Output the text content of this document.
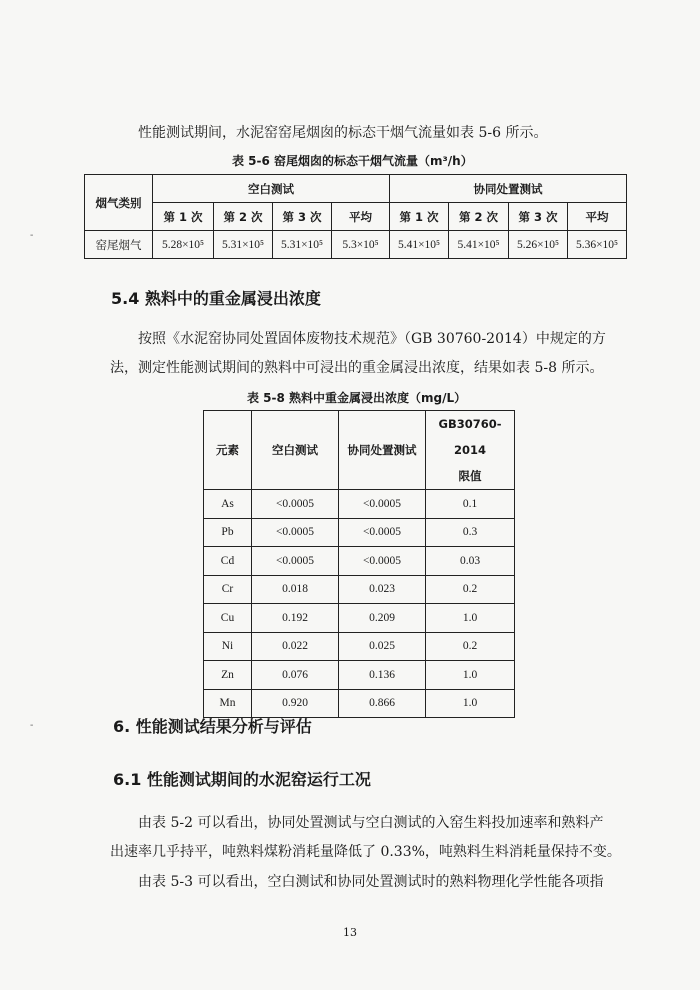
性能测试期间，水泥窑窑尾烟囱的标态干烟气流量如表 5-6 所示。
表 5-6 窑尾烟囱的标态干烟气流量（m³/h）
烟气类别	空白测试				协同处置测试			
	第 1 次	第 2 次	第 3 次	平均	第 1 次	第 2 次	第 3 次	平均
窑尾烟气	5.28×10⁵	5.31×10⁵	5.31×10⁵	5.3×10⁵	5.41×10⁵	5.41×10⁵	5.26×10⁵	5.36×10⁵
5.4 熟料中的重金属浸出浓度
按照《水泥窑协同处置固体废物技术规范》（GB 30760-2014）中规定的方
法，测定性能测试期间的熟料中可浸出的重金属浸出浓度，结果如表 5-8 所示。
表 5-8 熟料中重金属浸出浓度（mg/L）
元素	空白测试	协同处置测试	GB30760-2014
限值

As	<0.0005	<0.0005	0.1
Pb	<0.0005	<0.0005	0.3
Cd	<0.0005	<0.0005	0.03
Cr	0.018	0.023	0.2
Cu	0.192	0.209	1.0
Ni	0.022	0.025	0.2
Zn	0.076	0.136	1.0
Mn	0.920	0.866	1.0
6. 性能测试结果分析与评估
6.1 性能测试期间的水泥窑运行工况
由表 5-2 可以看出，协同处置测试与空白测试的入窑生料投加速率和熟料产
出速率几乎持平，吨熟料煤粉消耗量降低了 0.33%，吨熟料生料消耗量保持不变。
由表 5-3 可以看出，空白测试和协同处置测试时的熟料物理化学性能各项指
13
-
-
